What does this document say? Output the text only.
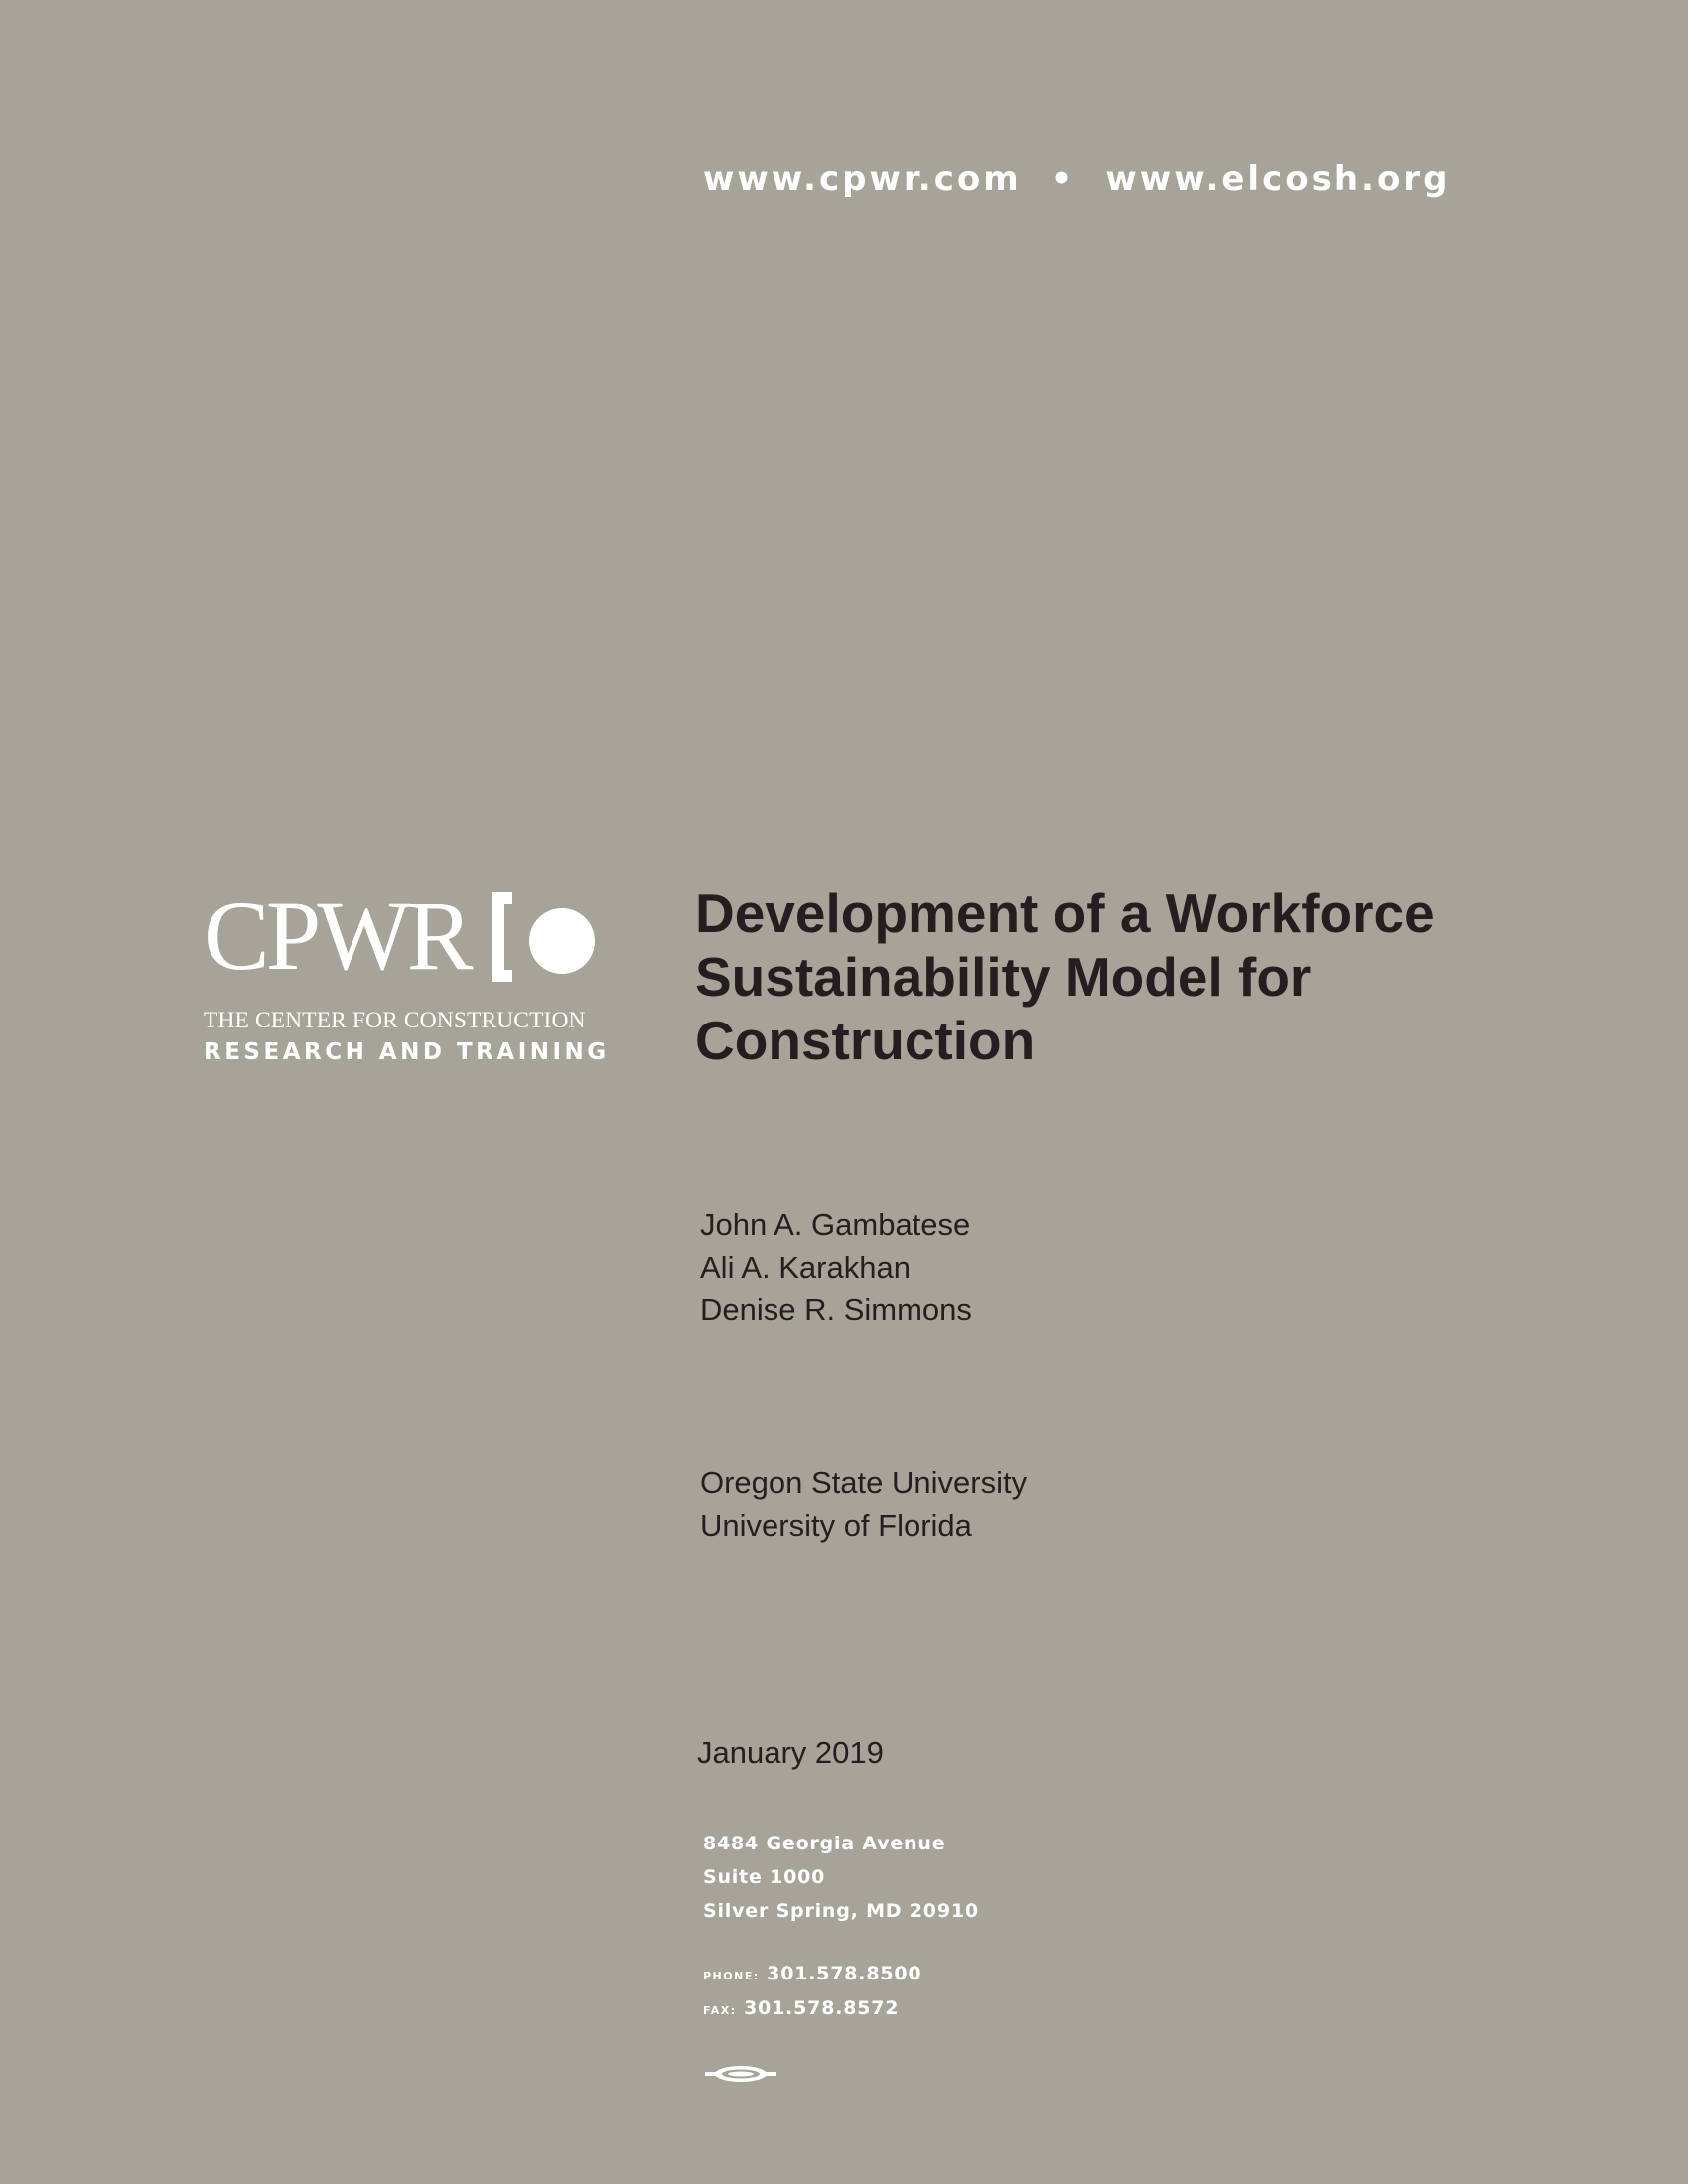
www.cpwr.com • www.elcosh.org
CPWR
THE CENTER FOR CONSTRUCTION
RESEARCH AND TRAINING
Development of a Workforce Sustainability Model for Construction
John A. Gambatese
Ali A. Karakhan
Denise R. Simmons
Oregon State University
University of Florida
January 2019
8484 Georgia Avenue
Suite 1000
Silver Spring, MD 20910
PHONE: 301.578.8500
FAX: 301.578.8572
